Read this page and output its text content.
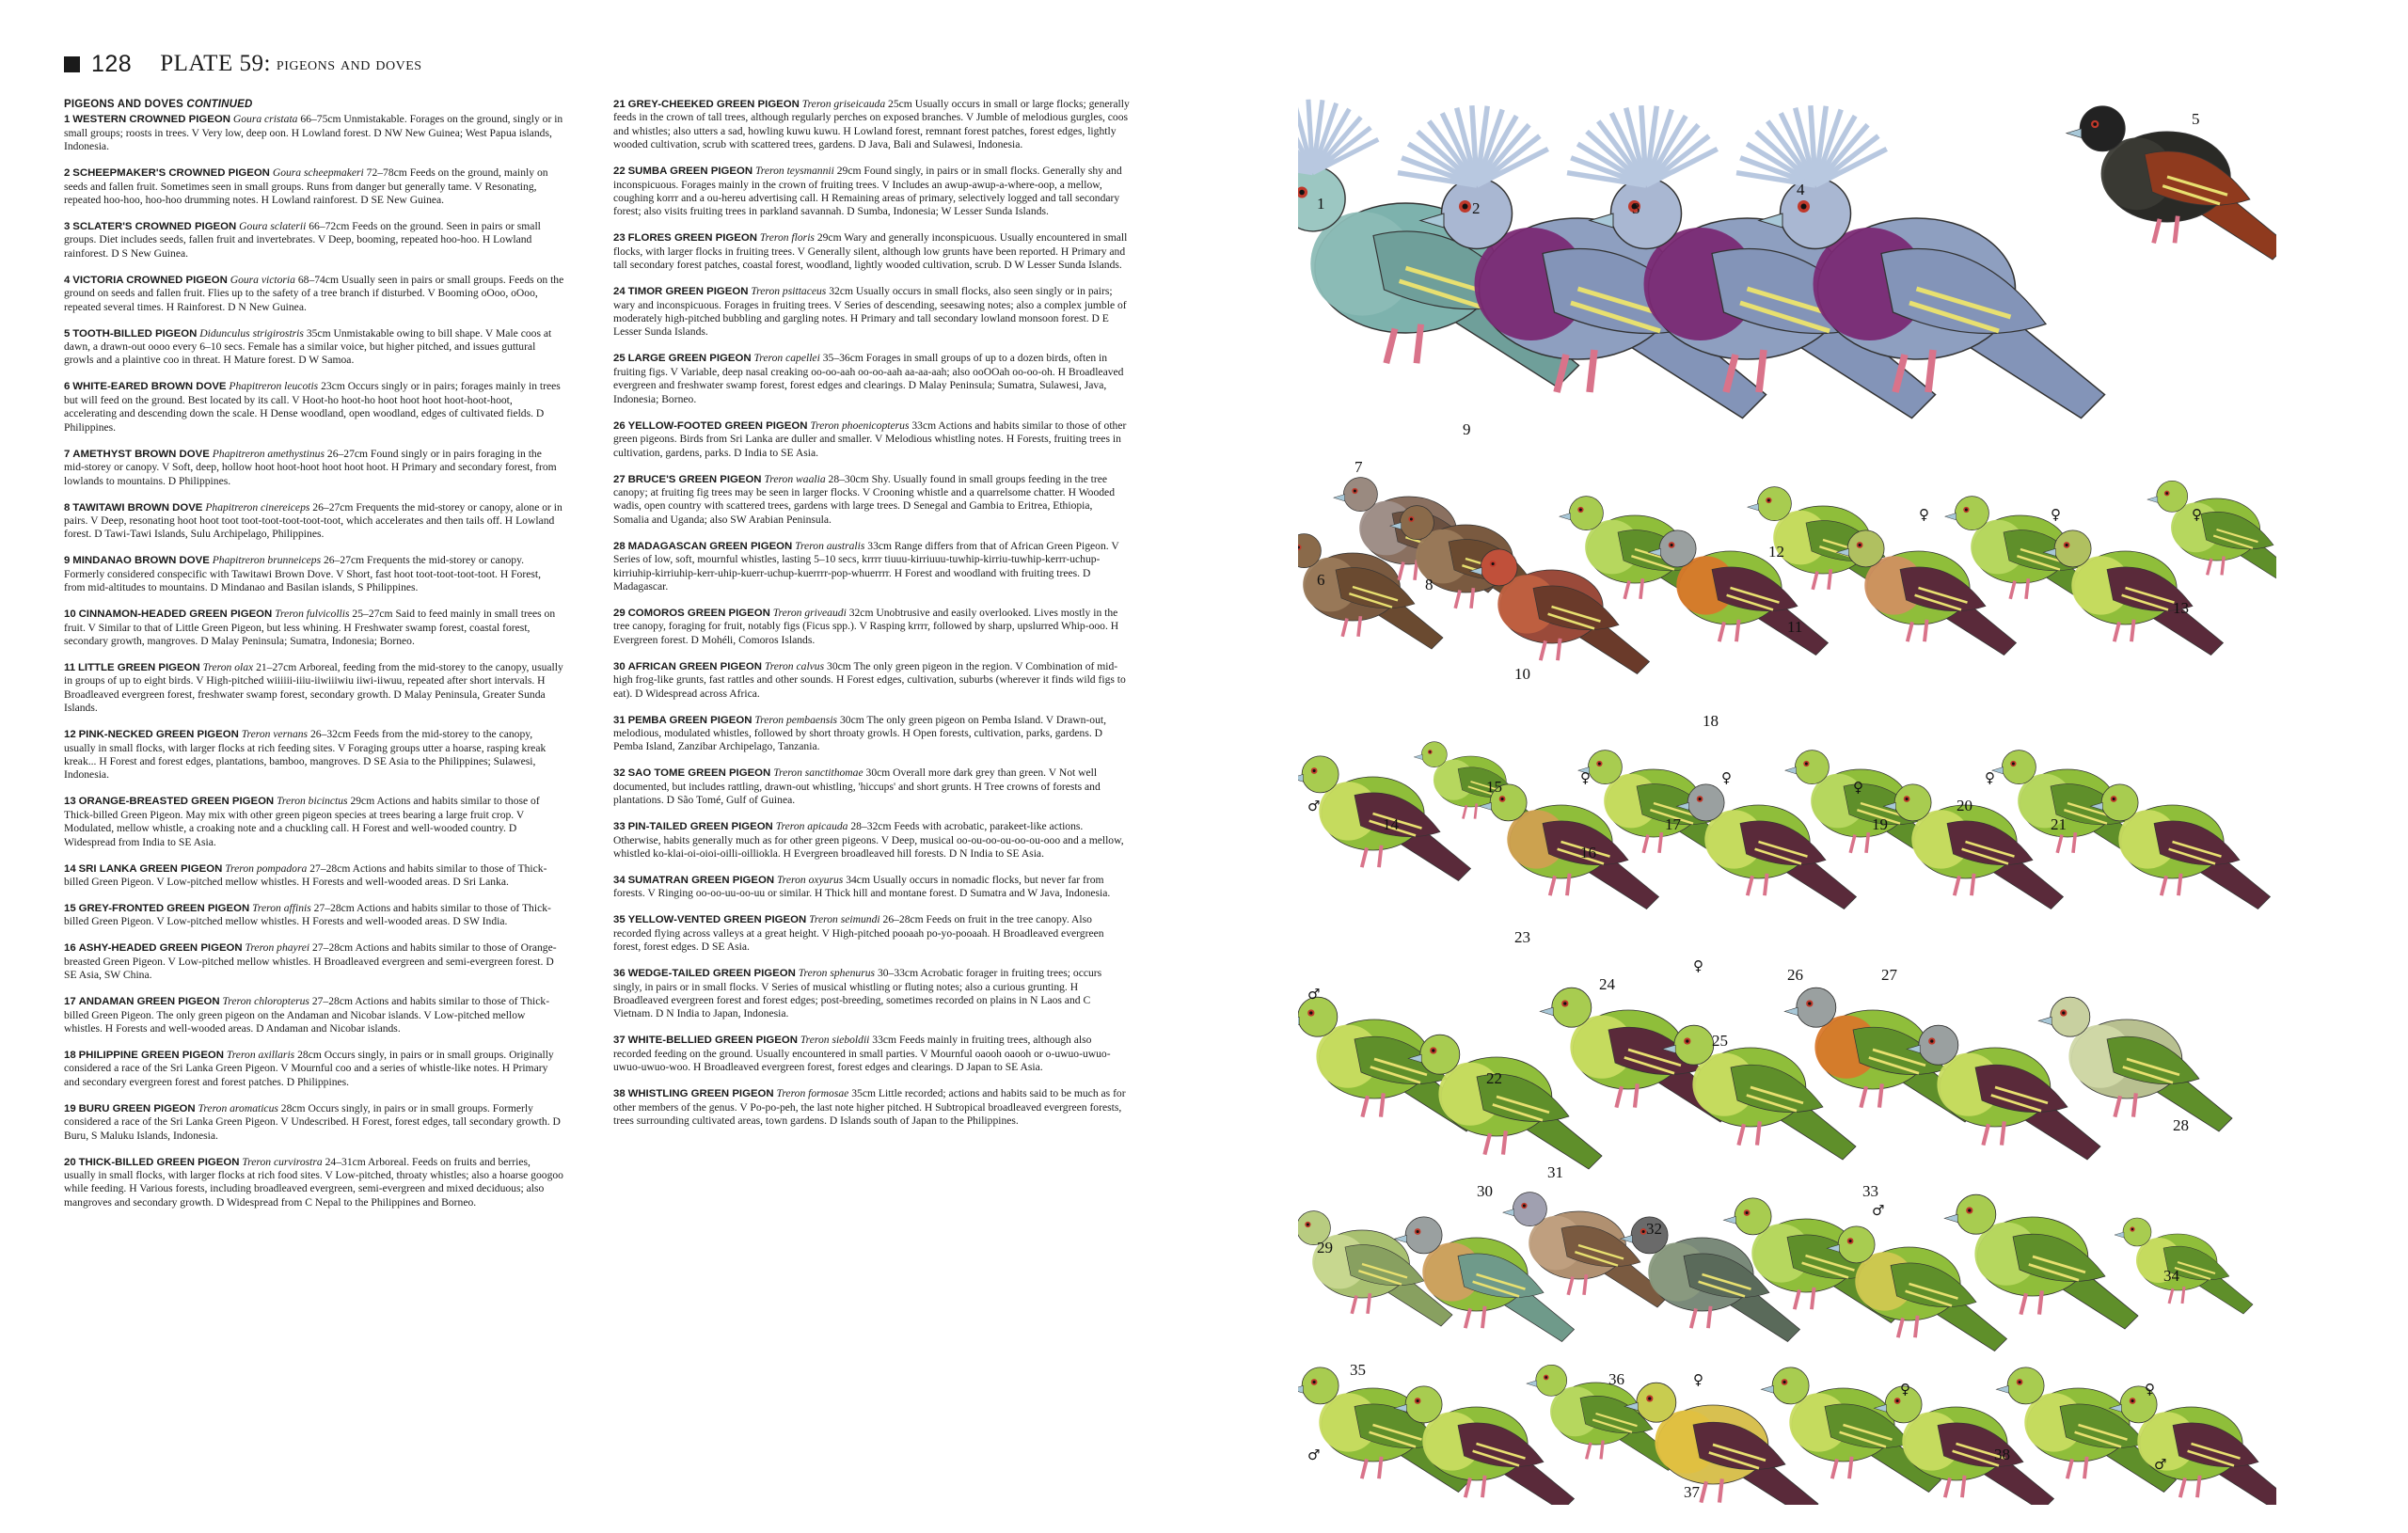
128 PLATE 59: pigeons and doves
PIGEONS AND DOVES CONTINUED

1 WESTERN CROWNED PIGEON Goura cristata 66–75cm Unmistakable. Forages on the ground, singly or in small groups; roosts in trees. V Very low, deep oon. H Lowland forest. D NW New Guinea; West Papua islands, Indonesia.

2 SCHEEPMAKER'S CROWNED PIGEON Goura scheepmakeri 72–78cm Feeds on the ground, mainly on seeds and fallen fruit. Sometimes seen in small groups. Runs from danger but generally tame. V Resonating, repeated hoo-hoo, hoo-hoo drumming notes. H Lowland rainforest. D SE New Guinea.

3 SCLATER'S CROWNED PIGEON Goura sclaterii 66–72cm Feeds on the ground. Seen in pairs or small groups. Diet includes seeds, fallen fruit and invertebrates. V Deep, booming, repeated hoo-hoo. H Lowland rainforest. D S New Guinea.

4 VICTORIA CROWNED PIGEON Goura victoria 68–74cm Usually seen in pairs or small groups. Feeds on the ground on seeds and fallen fruit. Flies up to the safety of a tree branch if disturbed. V Booming oOoo, oOoo, repeated several times. H Rainforest. D N New Guinea.

5 TOOTH-BILLED PIGEON Didunculus strigirostris 35cm Unmistakable owing to bill shape. V Male coos at dawn, a drawn-out oooo every 6–10 secs. Female has a similar voice, but higher pitched, and issues guttural growls and a plaintive coo in threat. H Mature forest. D W Samoa.

6 WHITE-EARED BROWN DOVE Phapitreron leucotis 23cm Occurs singly or in pairs; forages mainly in trees but will feed on the ground. Best located by its call. V Hoot-ho hoot-ho hoot hoot hoot hoot-hoot-hoot, accelerating and descending down the scale. H Dense woodland, open woodland, edges of cultivated fields. D Philippines.

7 AMETHYST BROWN DOVE Phapitreron amethystinus 26–27cm Found singly or in pairs foraging in the mid-storey or canopy. V Soft, deep, hollow hoot hoot-hoot hoot hoot hoot. H Primary and secondary forest, from lowlands to mountains. D Philippines.

8 TAWITAWI BROWN DOVE Phapitreron cinereiceps 26–27cm Frequents the mid-storey or canopy, alone or in pairs. V Deep, resonating hoot hoot toot toot-toot-toot-toot-toot, which accelerates and then tails off. H Lowland forest. D Tawi-Tawi Islands, Sulu Archipelago, Philippines.

9 MINDANAO BROWN DOVE Phapitreron brunneiceps 26–27cm Frequents the mid-storey or canopy. Formerly considered conspecific with Tawitawi Brown Dove. V Short, fast hoot toot-toot-toot-toot. H Forest, from mid-altitudes to mountains. D Mindanao and Basilan islands, S Philippines.

10 CINNAMON-HEADED GREEN PIGEON Treron fulvicollis 25–27cm Said to feed mainly in small trees on fruit. V Similar to that of Little Green Pigeon, but less whining. H Freshwater swamp forest, coastal forest, secondary growth, mangroves. D Malay Peninsula; Sumatra, Indonesia; Borneo.

11 LITTLE GREEN PIGEON Treron olax 21–27cm Arboreal, feeding from the mid-storey to the canopy, usually in groups of up to eight birds. V High-pitched wiiiiii-iiiu-iiwiiiwiu iiwi-iiwuu, repeated after short intervals. H Broadleaved evergreen forest, freshwater swamp forest, secondary growth. D Malay Peninsula, Greater Sunda Islands.

12 PINK-NECKED GREEN PIGEON Treron vernans 26–32cm Feeds from the mid-storey to the canopy, usually in small flocks, with larger flocks at rich feeding sites. V Foraging groups utter a hoarse, rasping kreak kreak... H Forest and forest edges, plantations, bamboo, mangroves. D SE Asia to the Philippines; Sulawesi, Indonesia.

13 ORANGE-BREASTED GREEN PIGEON Treron bicinctus 29cm Actions and habits similar to those of Thick-billed Green Pigeon. May mix with other green pigeon species at trees bearing a large fruit crop. V Modulated, mellow whistle, a croaking note and a chuckling call. H Forest and well-wooded country. D Widespread from India to SE Asia.

14 SRI LANKA GREEN PIGEON Treron pompadora 27–28cm Actions and habits similar to those of Thick-billed Green Pigeon. V Low-pitched mellow whistles. H Forests and well-wooded areas. D Sri Lanka.

15 GREY-FRONTED GREEN PIGEON Treron affinis 27–28cm Actions and habits similar to those of Thick-billed Green Pigeon. V Low-pitched mellow whistles. H Forests and well-wooded areas. D SW India.

16 ASHY-HEADED GREEN PIGEON Treron phayrei 27–28cm Actions and habits similar to those of Orange-breasted Green Pigeon. V Low-pitched mellow whistles. H Broadleaved evergreen and semi-evergreen forest. D SE Asia, SW China.

17 ANDAMAN GREEN PIGEON Treron chloropterus 27–28cm Actions and habits similar to those of Thick-billed Green Pigeon. The only green pigeon on the Andaman and Nicobar islands. V Low-pitched mellow whistles. H Forests and well-wooded areas. D Andaman and Nicobar islands.

18 PHILIPPINE GREEN PIGEON Treron axillaris 28cm Occurs singly, in pairs or in small groups. Originally considered a race of the Sri Lanka Green Pigeon. V Mournful coo and a series of whistle-like notes. H Primary and secondary evergreen forest and forest patches. D Philippines.

19 BURU GREEN PIGEON Treron aromaticus 28cm Occurs singly, in pairs or in small groups. Formerly considered a race of the Sri Lanka Green Pigeon. V Undescribed. H Forest, forest edges, tall secondary growth. D Buru, S Maluku Islands, Indonesia.

20 THICK-BILLED GREEN PIGEON Treron curvirostra 24–31cm Arboreal. Feeds on fruits and berries, usually in small flocks, with larger flocks at rich food sites. V Low-pitched, throaty whistles; also a hoarse googoo while feeding. H Various forests, including broadleaved evergreen, semi-evergreen and mixed deciduous; also mangroves and secondary growth. D Widespread from C Nepal to the Philippines and Borneo.

21 GREY-CHEEKED GREEN PIGEON Treron griseicauda 25cm Usually occurs in small or large flocks; generally feeds in the crown of tall trees, although regularly perches on exposed branches. V Jumble of melodious gurgles, coos and whistles; also utters a sad, howling kuwu kuwu. H Lowland forest, remnant forest patches, forest edges, lightly wooded cultivation, scrub with scattered trees, gardens. D Java, Bali and Sulawesi, Indonesia.

22 SUMBA GREEN PIGEON Treron teysmannii 29cm Found singly, in pairs or in small flocks. Generally shy and inconspicuous. Forages mainly in the crown of fruiting trees. V Includes an awup-awup-a-where-oop, a mellow, coughing korrr and a ou-hereu advertising call. H Remaining areas of primary, selectively logged and tall secondary forest; also visits fruiting trees in parkland savannah. D Sumba, Indonesia; W Lesser Sunda Islands.

23 FLORES GREEN PIGEON Treron floris 29cm Wary and generally inconspicuous. Usually encountered in small flocks, with larger flocks in fruiting trees. V Generally silent, although low grunts have been reported. H Primary and tall secondary forest patches, coastal forest, woodland, lightly wooded cultivation, scrub. D W Lesser Sunda Islands.

24 TIMOR GREEN PIGEON Treron psittaceus 32cm Usually occurs in small flocks, also seen singly or in pairs; wary and inconspicuous. Forages in fruiting trees. V Series of descending, seesawing notes; also a complex jumble of moderately high-pitched bubbling and gargling notes. H Primary and tall secondary lowland monsoon forest. D E Lesser Sunda Islands.

25 LARGE GREEN PIGEON Treron capellei 35–36cm Forages in small groups of up to a dozen birds, often in fruiting figs. V Variable, deep nasal creaking oo-oo-aah oo-oo-aah aa-aa-aah; also ooOOah oo-oo-oh. H Broadleaved evergreen and freshwater swamp forest, forest edges and clearings. D Malay Peninsula; Sumatra, Sulawesi, Java, Indonesia; Borneo.

26 YELLOW-FOOTED GREEN PIGEON Treron phoenicopterus 33cm Actions and habits similar to those of other green pigeons. Birds from Sri Lanka are duller and smaller. V Melodious whistling notes. H Forests, fruiting trees in cultivation, gardens, parks. D India to SE Asia.

27 BRUCE'S GREEN PIGEON Treron waalia 28–30cm Shy. Usually found in small groups feeding in the tree canopy; at fruiting fig trees may be seen in larger flocks. V Crooning whistle and a quarrelsome chatter. H Wooded wadis, open country with scattered trees, gardens with large trees. D Senegal and Gambia to Eritrea, Ethiopia, Somalia and Uganda; also SW Arabian Peninsula.

28 MADAGASCAN GREEN PIGEON Treron australis 33cm Range differs from that of African Green Pigeon. V Series of low, soft, mournful whistles, lasting 5–10 secs, krrrr tiuuu-kirriuuu-tuwhip-kirriu-tuwhip-kerrr-uchup-kirriuhip-kirriuhip-kerr-uhip-kuerr-uchup-kuerrrr-pop-whuerrrr. H Forest and woodland with fruiting trees. D Madagascar.

29 COMOROS GREEN PIGEON Treron griveaudi 32cm Unobtrusive and easily overlooked. Lives mostly in the tree canopy, foraging for fruit, notably figs (Ficus spp.). V Rasping krrrr, followed by sharp, upslurred Whip-ooo. H Evergreen forest. D Mohéli, Comoros Islands.

30 AFRICAN GREEN PIGEON Treron calvus 30cm The only green pigeon in the region. V Combination of mid-high frog-like grunts, fast rattles and other sounds. H Forest edges, cultivation, suburbs (wherever it finds wild figs to eat). D Widespread across Africa.

31 PEMBA GREEN PIGEON Treron pembaensis 30cm The only green pigeon on Pemba Island. V Drawn-out, melodious, modulated whistles, followed by short throaty growls. H Open forests, cultivation, parks, gardens. D Pemba Island, Zanzibar Archipelago, Tanzania.

32 SAO TOME GREEN PIGEON Treron sanctithomae 30cm Overall more dark grey than green. V Not well documented, but includes rattling, drawn-out whistling, 'hiccups' and short grunts. H Tree crowns of forests and plantations. D São Tomé, Gulf of Guinea.

33 PIN-TAILED GREEN PIGEON Treron apicauda 28–32cm Feeds with acrobatic, parakeet-like actions. Otherwise, habits generally much as for other green pigeons. V Deep, musical oo-ou-oo-ou-oo-ou-ooo and a mellow, whistled ko-klai-oi-oioi-oilli-oilliokla. H Evergreen broadleaved hill forests. D N India to SE Asia.

34 SUMATRAN GREEN PIGEON Treron oxyurus 34cm Usually occurs in nomadic flocks, but never far from forests. V Ringing oo-oo-uu-oo-uu or similar. H Thick hill and montane forest. D Sumatra and W Java, Indonesia.

35 YELLOW-VENTED GREEN PIGEON Treron seimundi 26–28cm Feeds on fruit in the tree canopy. Also recorded flying across valleys at a great height. V High-pitched pooaah po-yo-pooaah. H Broadleaved evergreen forest, forest edges. D SE Asia.

36 WEDGE-TAILED GREEN PIGEON Treron sphenurus 30–33cm Acrobatic forager in fruiting trees; occurs singly, in pairs or in small flocks. V Series of musical whistling or fluting notes; also a curious grunting. H Broadleaved evergreen forest and forest edges; post-breeding, sometimes recorded on plains in N Laos and C Vietnam. D N India to Japan, Indonesia.

37 WHITE-BELLIED GREEN PIGEON Treron sieboldii 33cm Feeds mainly in fruiting trees, although also recorded feeding on the ground. Usually encountered in small parties. V Mournful oaooh oaooh or o-uwuo-uwuo-uwuo-uwuo-woo. H Broadleaved evergreen forest, forest edges and clearings. D Japan to SE Asia.

38 WHISTLING GREEN PIGEON Treron formosae 35cm Little recorded; actions and habits said to be much as for other members of the genus. V Po-po-peh, the last note higher pitched. H Subtropical broadleaved evergreen forests, trees surrounding cultivated areas, town gardens. D Islands south of Japan to the Philippines.

1	2	3
4
5
6
7
8
9
10
11
12
13
14
15
16
17
18
19
20
21
22
23
24
25
26	27
28
29
30
31
32
33
34
35
36
37
38
♀	♀	♀
♀	♀
♀
♀
♀
♀
♀	♀
♂
♂
♂
♂
♂
